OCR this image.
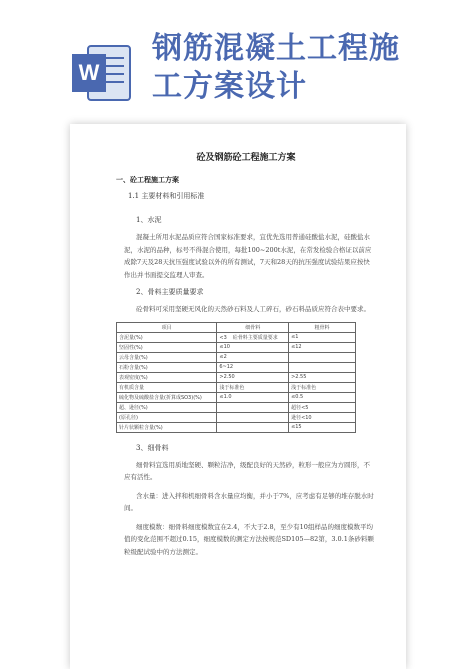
W
钢筋混凝土工程施
工方案设计
砼及钢筋砼工程施工方案
一、砼工程施工方案
1.1 主要材料和引用标准
1、水泥
混凝土所用水泥品质应符合国家标准要求，宜优先选用普通硅酸盐水泥，硅酸盐水泥，水泥的品种，标号不得混合使用，每批100~200t水泥，在常发检验合格证以前应成除7天及28天抗压强度试验以外的所有测试，7天和28天的抗压强度试验结果应按快作出并书面提交监理人审查。
2、骨料主要质量要求
砼骨料可采用坚硬无风化的天然砂石料及人工碎石，砂石料品质应符合表中要求。
项目	细骨料	粗骨料
含泥量(%)	<3 砼骨料主要质量要求	≤1
坚固性(%)	≤10	≤12
云母含量(%)	≤2	
石粉含量(%)	6~12	
表观密度(%)	>2.50	>2.55
有机质含量	浅于标准色	浅于标准色
硫化物及硫酸盐含量(折算成SO3)(%)	≤1.0	≤0.5
超、逊径(%)		超径<5
(原孔径)		逊径<10
针片状颗粒含量(%)		≤15
3、细骨料
细骨料宜选用质地坚硬、颗粒洁净，级配良好的天然砂，粒形一般应为方圆形，不应有活性。
含水量：进入拌和机细骨料含水量应均衡，并小于7%，应考虑有足够的堆存脱水时间。
细度模数：细骨料细度模数宜在2.4，不大于2.8，至少有10组样品的细度模数平均值的变化范围不超过0.15，细度模数的测定方法按规范SD105—82第，3.0.1条砂料颗粒级配试验中的方法测定。
